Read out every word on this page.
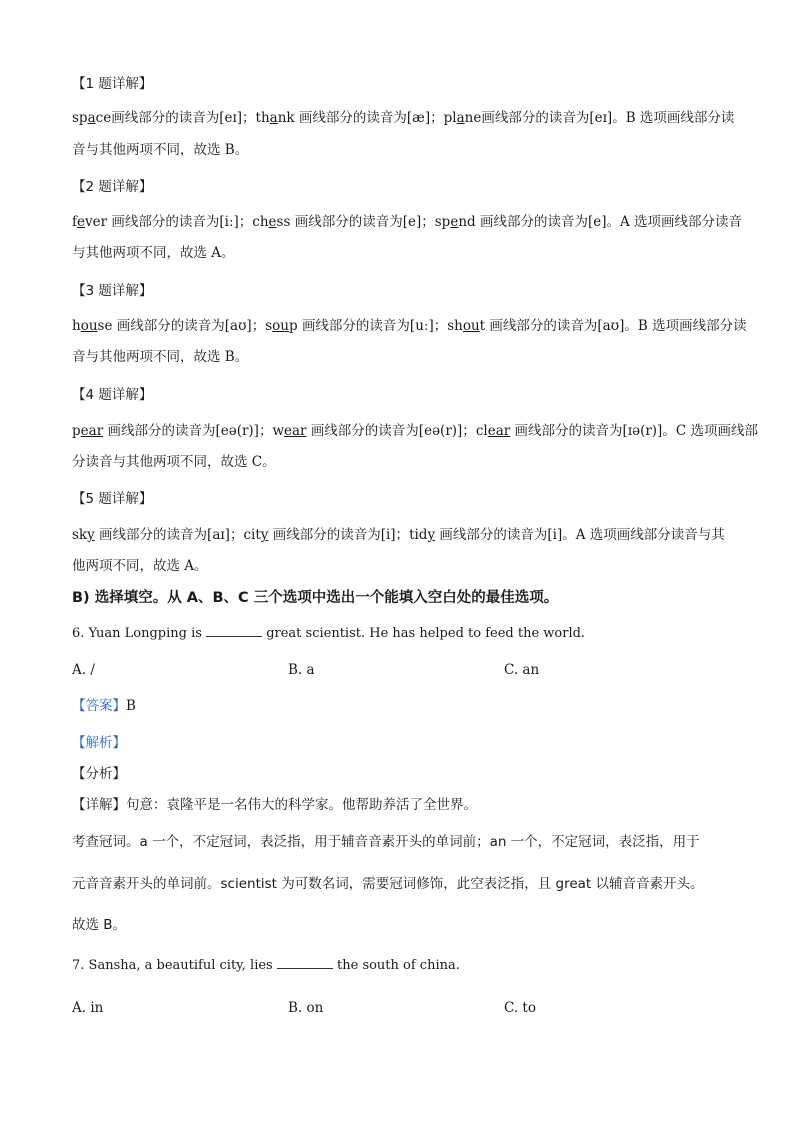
【1 题详解】
space画线部分的读音为[eɪ]；thank 画线部分的读音为[æ]；plane画线部分的读音为[eɪ]。B 选项画线部分读
音与其他两项不同，故选 B。
【2 题详解】
fever 画线部分的读音为[iː]；chess 画线部分的读音为[e]；spend 画线部分的读音为[e]。A 选项画线部分读音
与其他两项不同，故选 A。
【3 题详解】
house 画线部分的读音为[aʊ]；soup 画线部分的读音为[uː]；shout 画线部分的读音为[aʊ]。B 选项画线部分读
音与其他两项不同，故选 B。
【4 题详解】
pear 画线部分的读音为[eə(r)]；wear 画线部分的读音为[eə(r)]；clear 画线部分的读音为[ɪə(r)]。C 选项画线部
分读音与其他两项不同，故选 C。
【5 题详解】
sky 画线部分的读音为[aɪ]；city 画线部分的读音为[i]；tidy 画线部分的读音为[i]。A 选项画线部分读音与其
他两项不同，故选 A。
B) 选择填空。从 A、B、C 三个选项中选出一个能填入空白处的最佳选项。
6. Yuan Longping is	great scientist. He has helped to feed the world.
A. /	B. a	C. an
【答案】B
【解析】
【分析】
【详解】句意：袁隆平是一名伟大的科学家。他帮助养活了全世界。
考查冠词。a 一个，不定冠词，表泛指，用于辅音音素开头的单词前；an 一个，不定冠词，表泛指，用于
元音音素开头的单词前。scientist 为可数名词，需要冠词修饰，此空表泛指，且 great 以辅音音素开头。
故选 B。
7. Sansha, a beautiful city, lies	the south of china.
A. in	B. on	C. to
